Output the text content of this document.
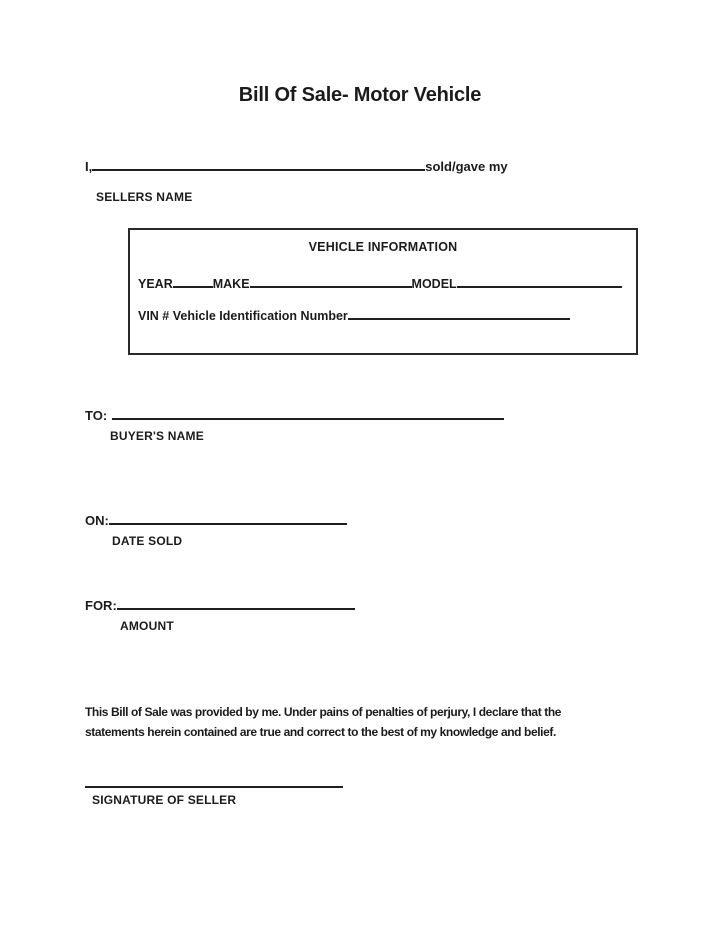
Bill Of Sale- Motor Vehicle
I,	sold/gave my
SELLERS NAME
VEHICLE INFORMATION
YEAR	MAKE	MODEL
VIN # Vehicle Identification Number
TO:
BUYER'S NAME
ON:
DATE SOLD
FOR:
AMOUNT
This Bill of Sale was provided by me. Under pains of penalties of perjury, I declare that the
statements herein contained are true and correct to the best of my knowledge and belief.
SIGNATURE OF SELLER
